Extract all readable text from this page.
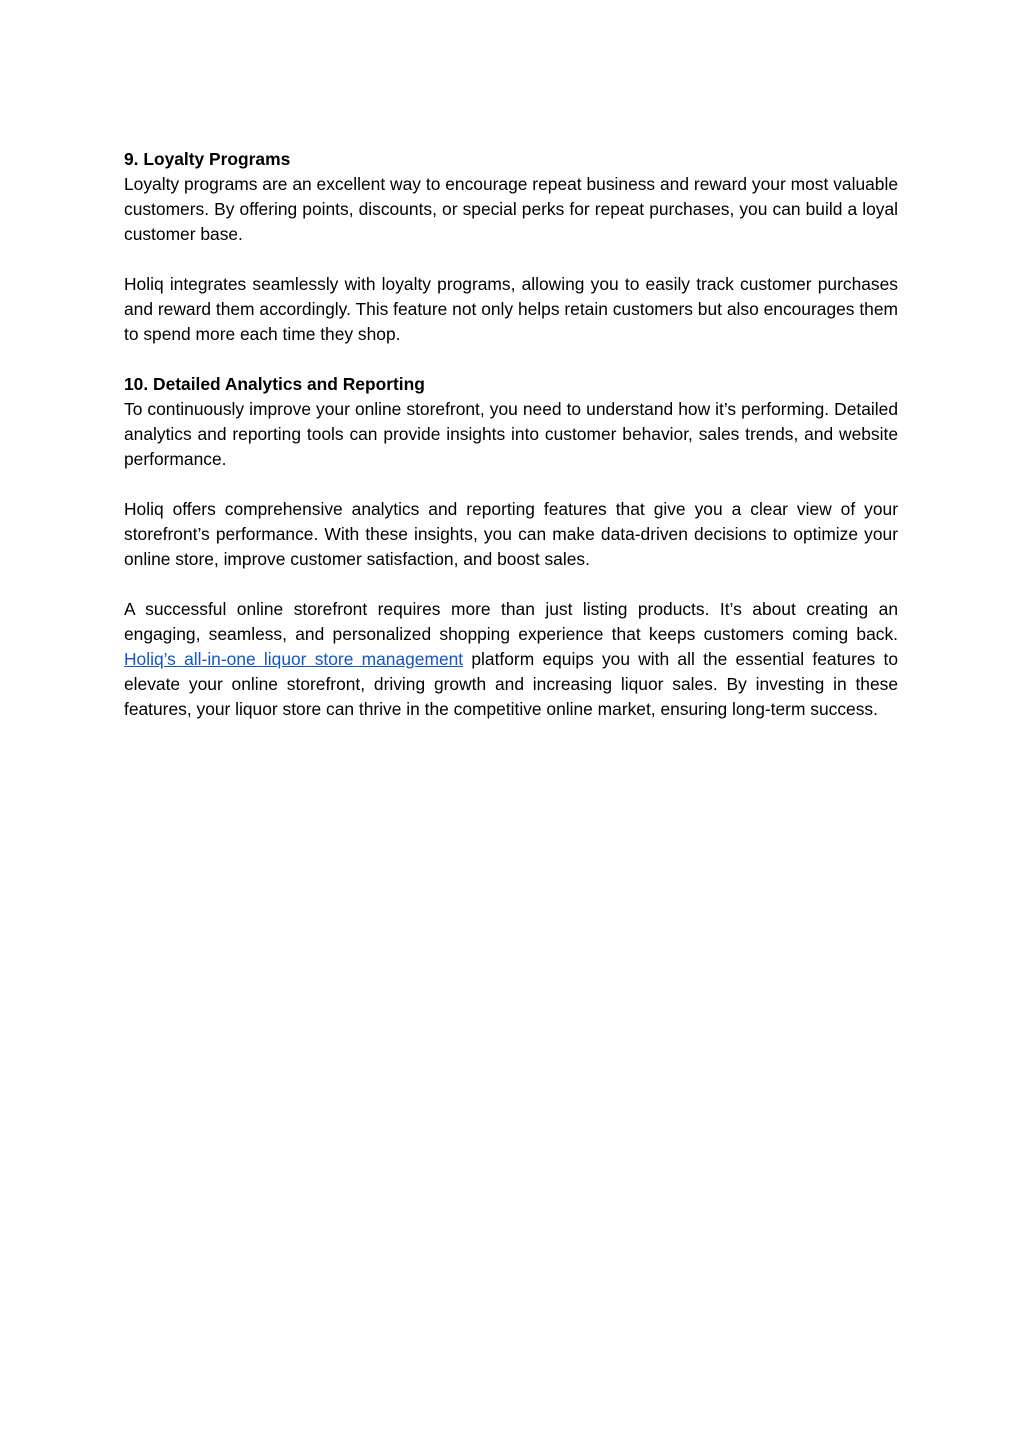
9. Loyalty Programs

Loyalty programs are an excellent way to encourage repeat business and reward your most valuable customers. By offering points, discounts, or special perks for repeat purchases, you can build a loyal customer base.

Holiq integrates seamlessly with loyalty programs, allowing you to easily track customer purchases and reward them accordingly. This feature not only helps retain customers but also encourages them to spend more each time they shop.

10. Detailed Analytics and Reporting

To continuously improve your online storefront, you need to understand how it’s performing. Detailed analytics and reporting tools can provide insights into customer behavior, sales trends, and website performance.

Holiq offers comprehensive analytics and reporting features that give you a clear view of your storefront’s performance. With these insights, you can make data-driven decisions to optimize your online store, improve customer satisfaction, and boost sales.

A successful online storefront requires more than just listing products. It’s about creating an engaging, seamless, and personalized shopping experience that keeps customers coming back. Holiq’s all-in-one liquor store management platform equips you with all the essential features to elevate your online storefront, driving growth and increasing liquor sales. By investing in these features, your liquor store can thrive in the competitive online market, ensuring long-term success.
